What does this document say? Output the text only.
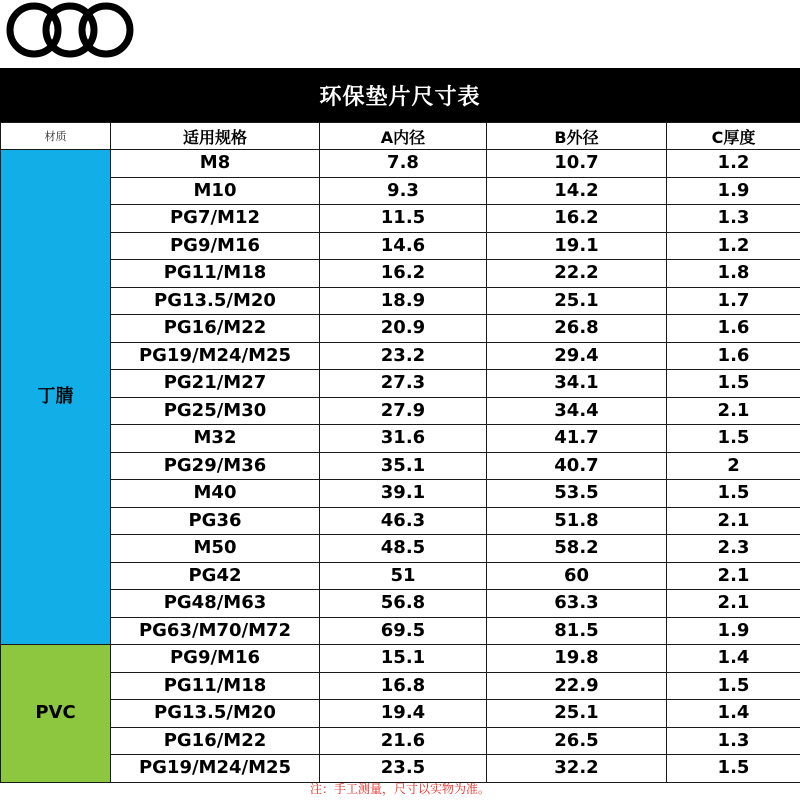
环保垫片尺寸表
材质	适用规格	A内径	B外径	C厚度
丁腈	M8	7.8	10.7	1.2
	M10	9.3	14.2	1.9
	PG7/M12	11.5	16.2	1.3
	PG9/M16	14.6	19.1	1.2
	PG11/M18	16.2	22.2	1.8
	PG13.5/M20	18.9	25.1	1.7
	PG16/M22	20.9	26.8	1.6
	PG19/M24/M25	23.2	29.4	1.6
	PG21/M27	27.3	34.1	1.5
	PG25/M30	27.9	34.4	2.1
	M32	31.6	41.7	1.5
	PG29/M36	35.1	40.7	2
	M40	39.1	53.5	1.5
	PG36	46.3	51.8	2.1
	M50	48.5	58.2	2.3
	PG42	51	60	2.1
	PG48/M63	56.8	63.3	2.1
	PG63/M70/M72	69.5	81.5	1.9
PVC	PG9/M16	15.1	19.8	1.4
	PG11/M18	16.8	22.9	1.5
	PG13.5/M20	19.4	25.1	1.4
	PG16/M22	21.6	26.5	1.3
	PG19/M24/M25	23.5	32.2	1.5
注：手工测量，尺寸以实物为准。
